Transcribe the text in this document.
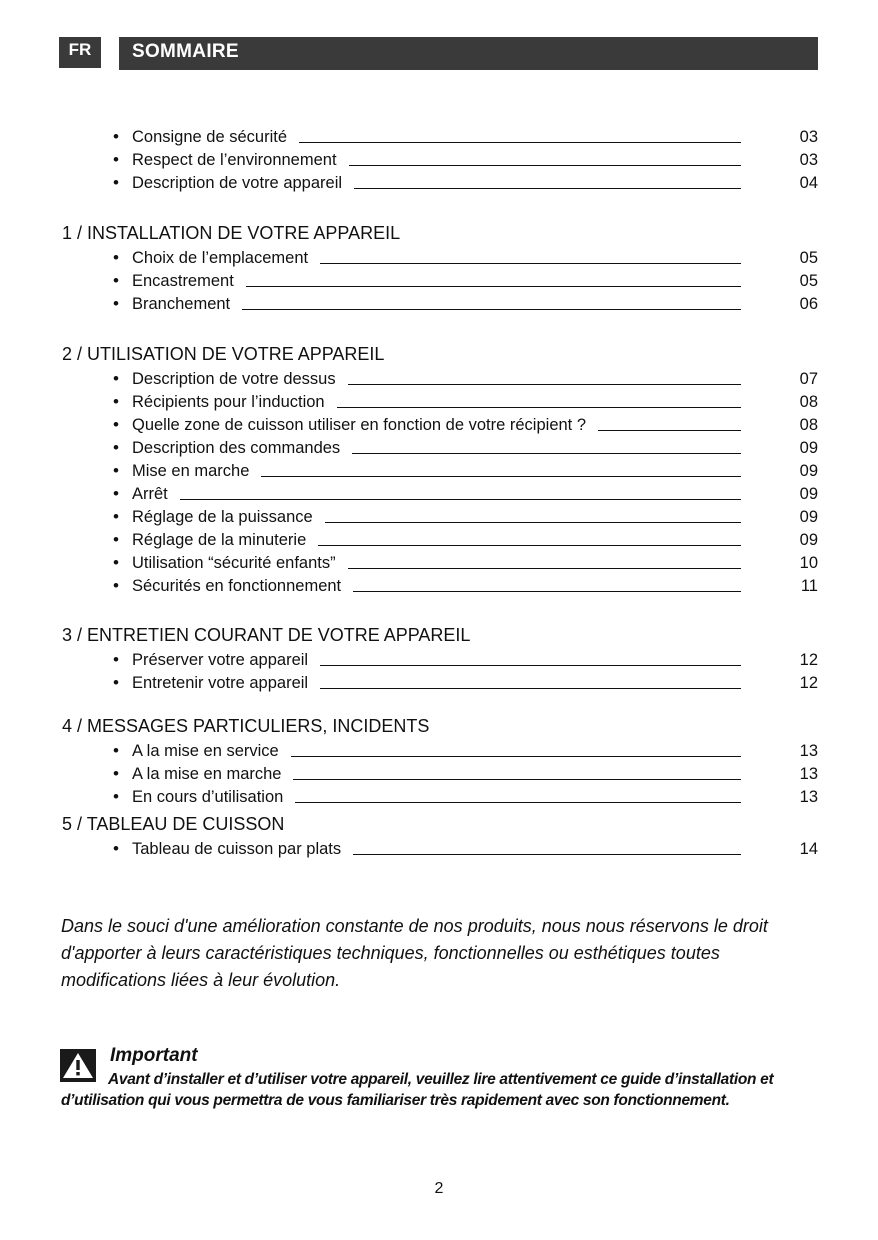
FR	SOMMAIRE
• Consigne de sécurité	03
• Respect de l’environnement	03
• Description de votre appareil	04
1 / INSTALLATION DE VOTRE APPAREIL
• Choix de l’emplacement	05
• Encastrement	05
• Branchement	06
2 / UTILISATION DE VOTRE APPAREIL
• Description de votre dessus	07
• Récipients pour l’induction	08
• Quelle zone de cuisson utiliser en fonction de votre récipient ?	08
• Description des commandes	09
• Mise en marche	09
• Arrêt	09
• Réglage de la puissance	09
• Réglage de la minuterie	09
• Utilisation “sécurité enfants”	10
• Sécurités en fonctionnement	11
3 / ENTRETIEN COURANT DE VOTRE APPAREIL
• Préserver votre appareil	12
• Entretenir votre appareil	12
4 / MESSAGES PARTICULIERS, INCIDENTS
• A la mise en service	13
• A la mise en marche	13
• En cours d’utilisation	13
5 / TABLEAU DE CUISSON
• Tableau de cuisson par plats	14
Dans le souci d'une amélioration constante de nos produits, nous nous réservons le droit d'apporter à leurs caractéristiques techniques, fonctionnelles ou esthétiques toutes modifications liées à leur évolution.
Important
Avant d’installer et d’utiliser votre appareil, veuillez lire attentivement ce guide d’installation et d’utilisation qui vous permettra de vous familiariser très rapidement avec son fonctionnement.
2
